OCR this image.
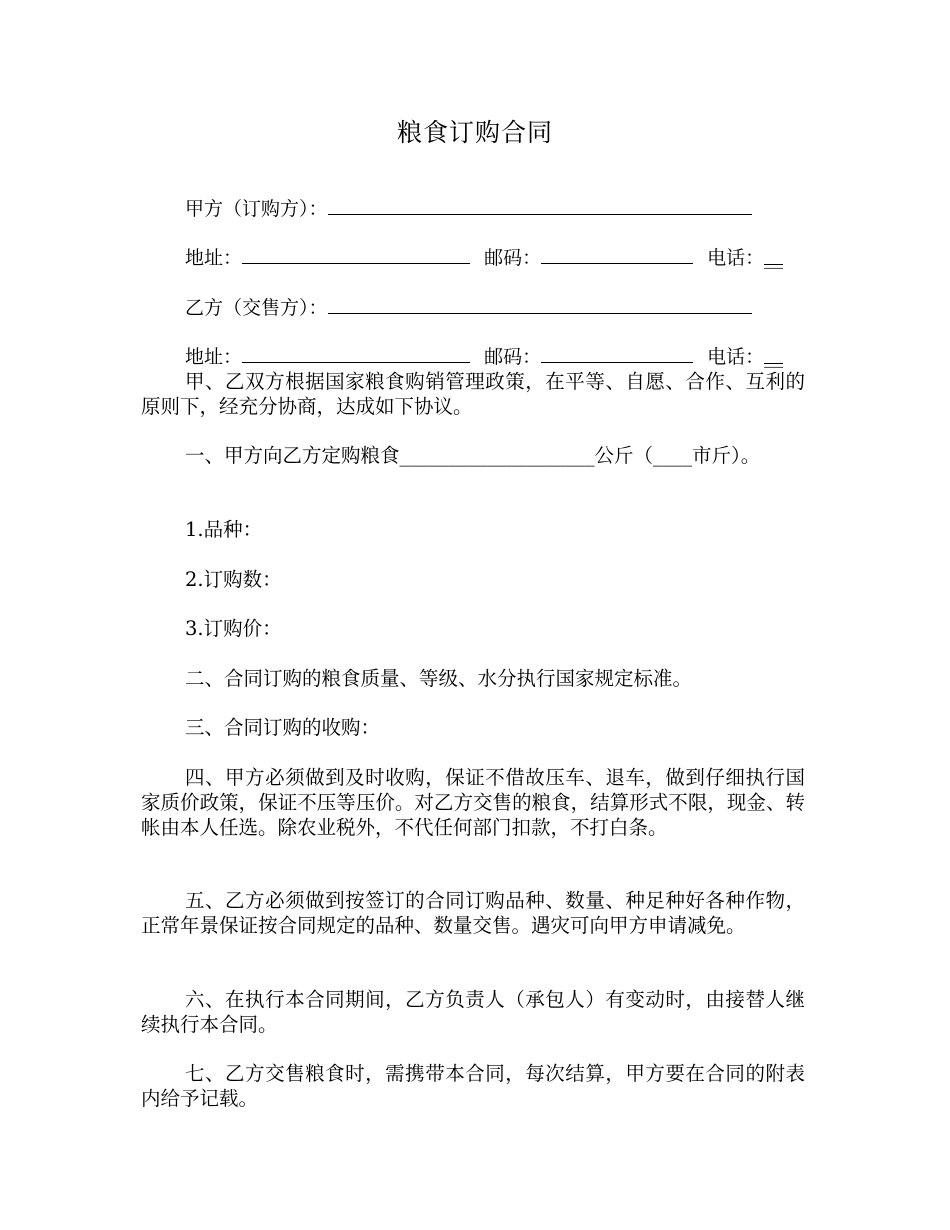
粮食订购合同
甲方（订购方）：
地址：	邮码：	电话：__
乙方（交售方）：
地址：	邮码：	电话：__
甲、乙双方根据国家粮食购销管理政策，在平等、自愿、合作、互利的原则下，经充分协商，达成如下协议。
一、甲方向乙方定购粮食____________________公斤（____市斤）。
1.品种：
2.订购数：
3.订购价：
二、合同订购的粮食质量、等级、水分执行国家规定标准。
三、合同订购的收购：
四、甲方必须做到及时收购，保证不借故压车、退车，做到仔细执行国家质价政策，保证不压等压价。对乙方交售的粮食，结算形式不限，现金、转帐由本人任选。除农业税外，不代任何部门扣款，不打白条。
五、乙方必须做到按签订的合同订购品种、数量、种足种好各种作物，正常年景保证按合同规定的品种、数量交售。遇灾可向甲方申请减免。
六、在执行本合同期间，乙方负责人（承包人）有变动时，由接替人继续执行本合同。
七、乙方交售粮食时，需携带本合同，每次结算，甲方要在合同的附表内给予记载。
